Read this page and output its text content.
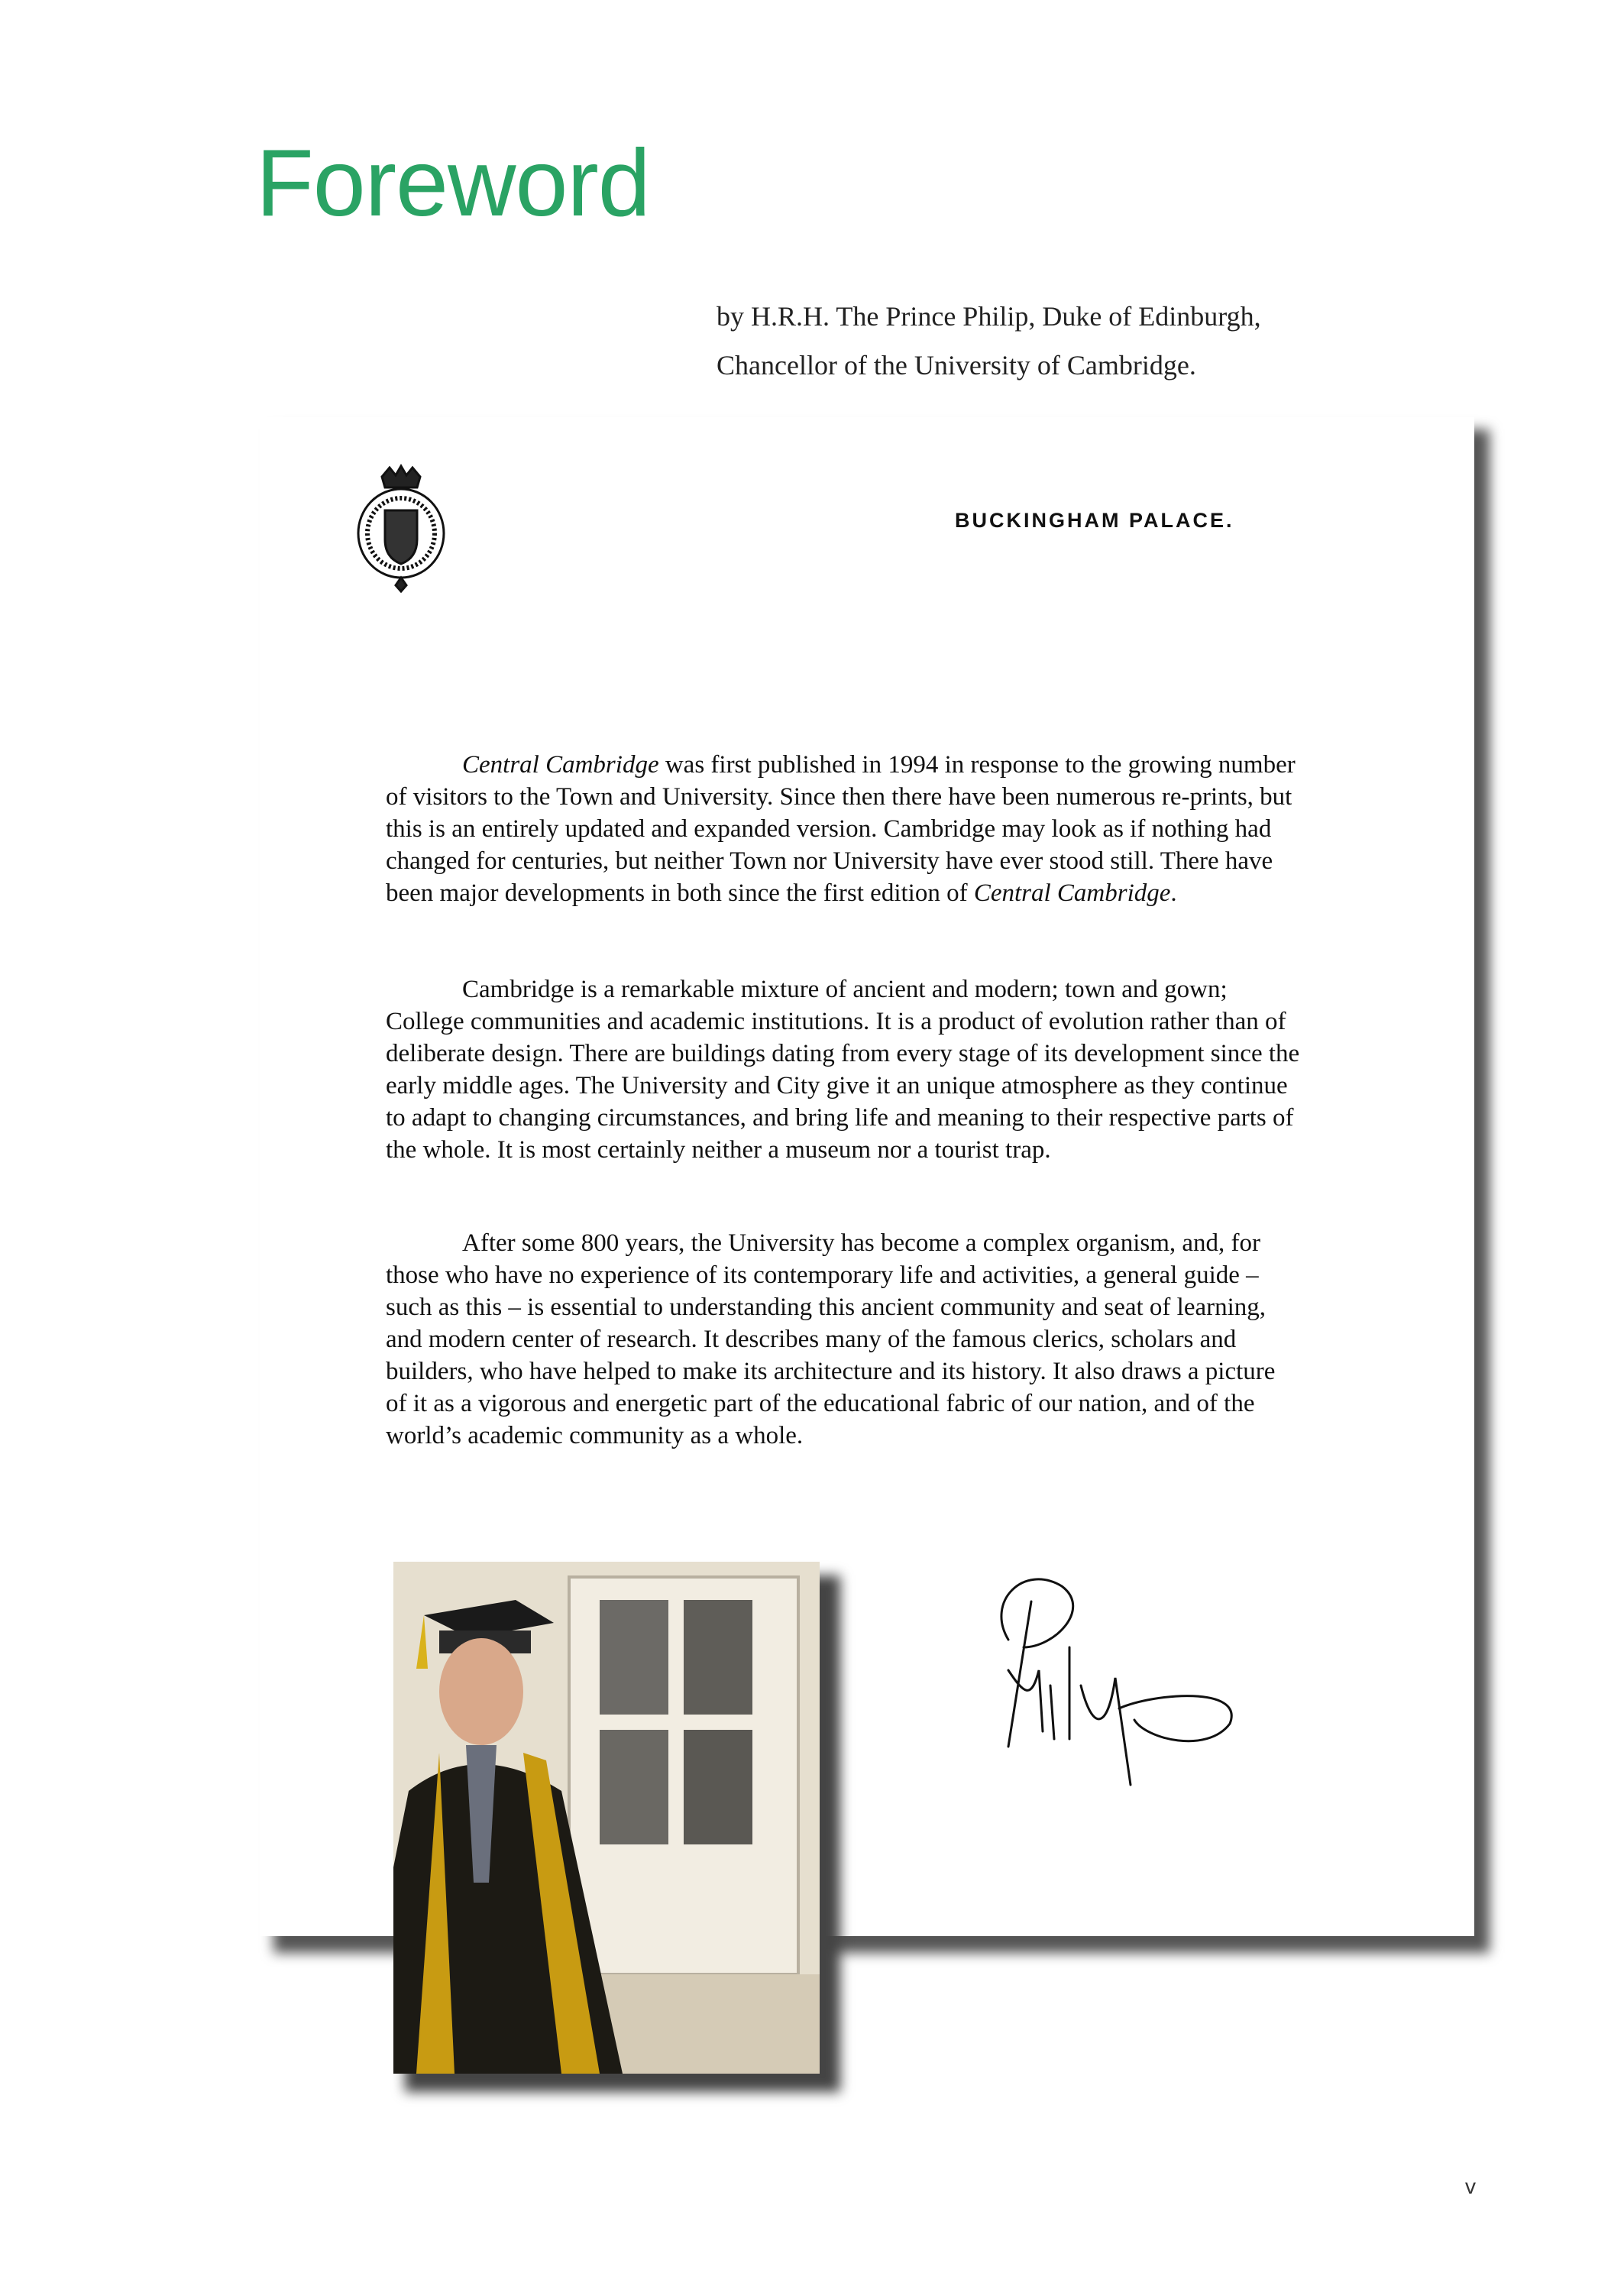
Foreword
by H.R.H. The Prince Philip, Duke of Edinburgh,
Chancellor of the University of Cambridge.
BUCKINGHAM PALACE.

Central Cambridge was first published in 1994 in response to the growing number of visitors to the Town and University. Since then there have been numerous re-prints, but this is an entirely updated and expanded version. Cambridge may look as if nothing had changed for centuries, but neither Town nor University have ever stood still. There have been major developments in both since the first edition of Central Cambridge.

Cambridge is a remarkable mixture of ancient and modern; town and gown; College communities and academic institutions. It is a product of evolution rather than of deliberate design. There are buildings dating from every stage of its development since the early middle ages. The University and City give it an unique atmosphere as they continue to adapt to changing circumstances, and bring life and meaning to their respective parts of the whole. It is most certainly neither a museum nor a tourist trap.

After some 800 years, the University has become a complex organism, and, for those who have no experience of its contemporary life and activities, a general guide – such as this – is essential to understanding this ancient community and seat of learning, and modern center of research. It describes many of the famous clerics, scholars and builders, who have helped to make its architecture and its history. It also draws a picture of it as a vigorous and energetic part of the educational fabric of our nation, and of the world’s academic community as a whole.

v
